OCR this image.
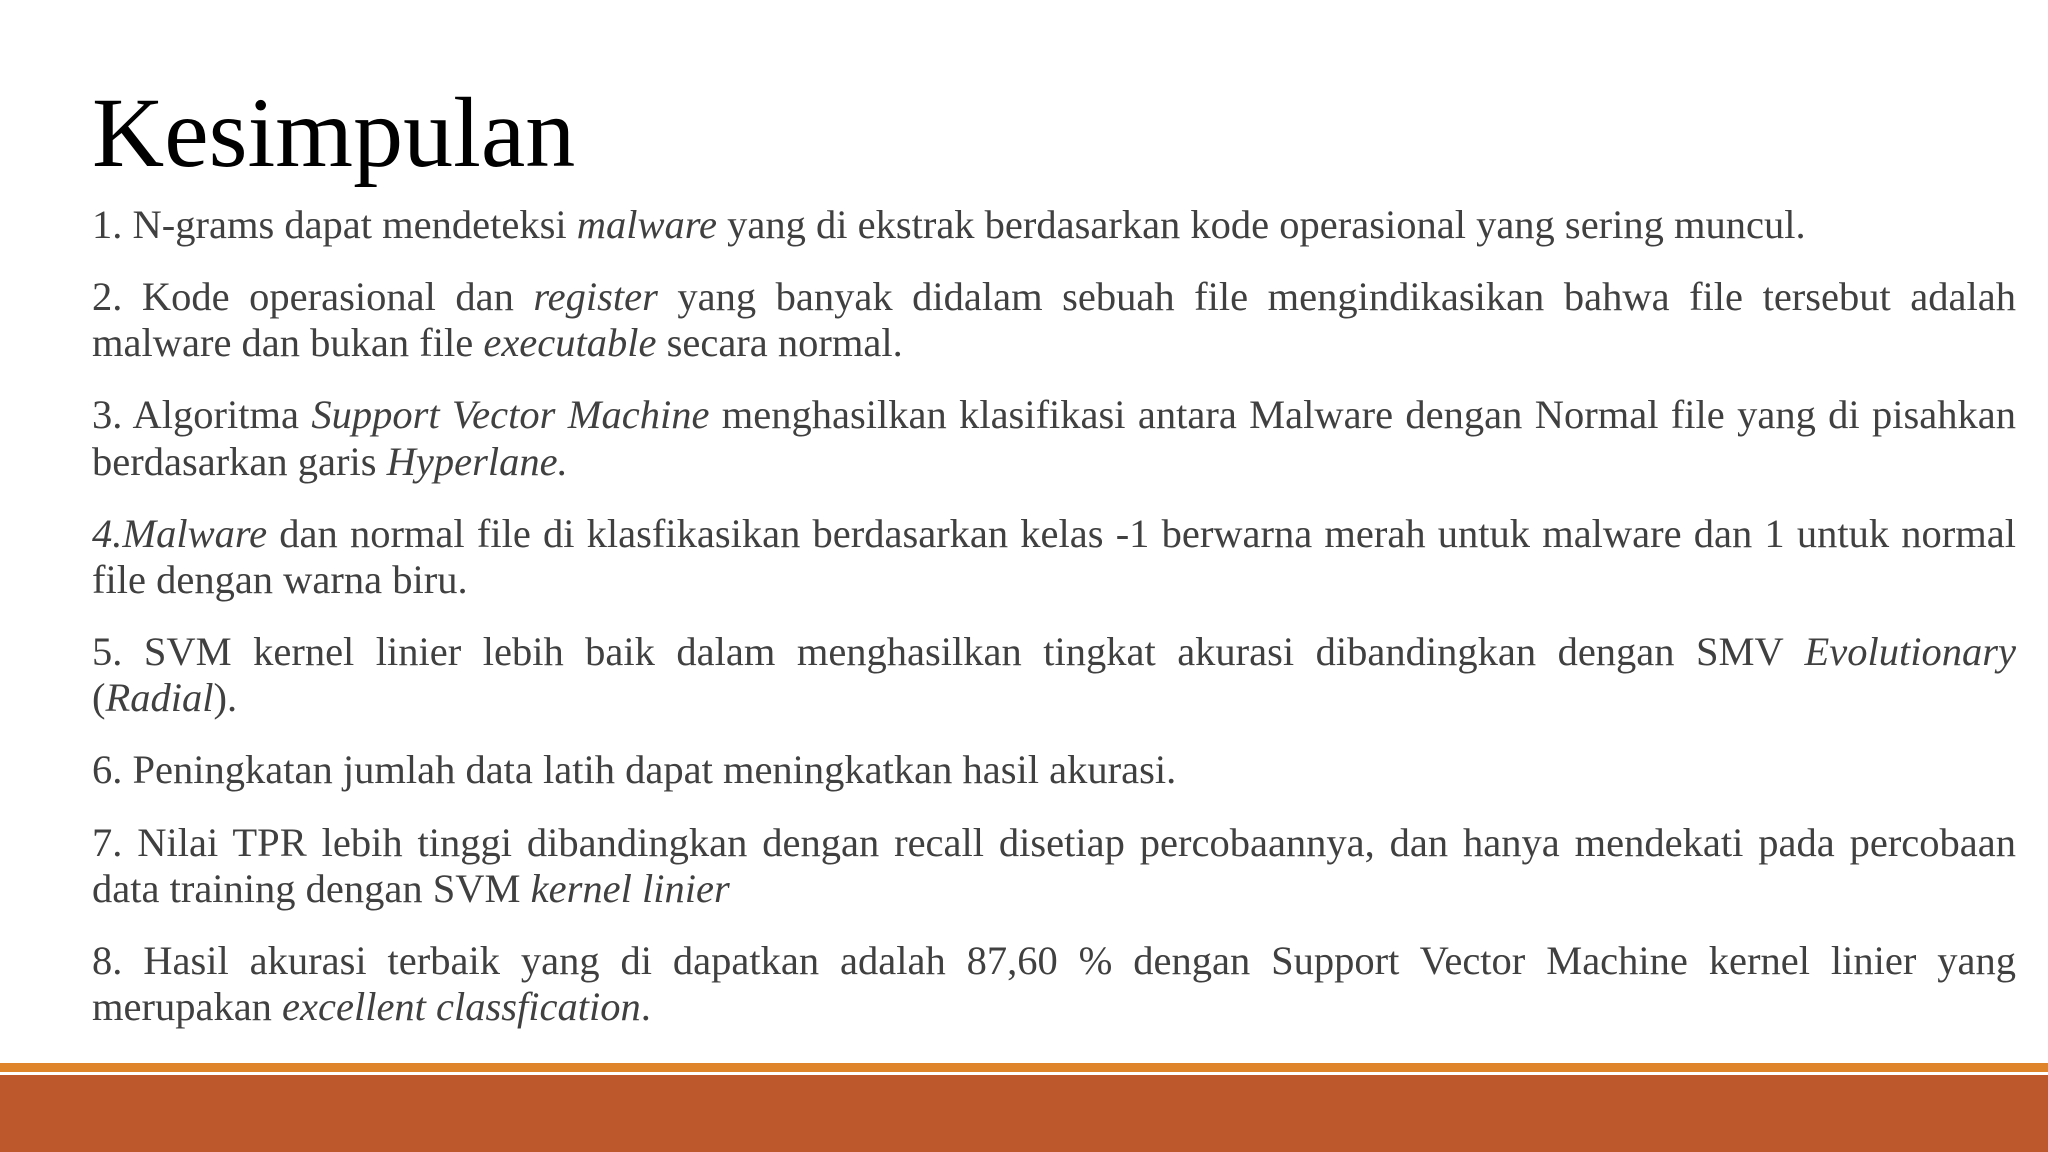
Kesimpulan

1. N-grams dapat mendeteksi malware yang di ekstrak berdasarkan kode operasional yang sering muncul.

2. Kode operasional dan register yang banyak didalam sebuah file mengindikasikan bahwa file tersebut adalah malware dan bukan file executable secara normal.

3. Algoritma Support Vector Machine menghasilkan klasifikasi antara Malware dengan Normal file yang di pisahkan berdasarkan garis Hyperlane.

4.Malware dan normal file di klasfikasikan berdasarkan kelas -1 berwarna merah untuk malware dan 1 untuk normal file dengan warna biru.

5. SVM kernel linier lebih baik dalam menghasilkan tingkat akurasi dibandingkan dengan SMV Evolutionary (Radial).

6. Peningkatan jumlah data latih dapat meningkatkan hasil akurasi.

7. Nilai TPR lebih tinggi dibandingkan dengan recall disetiap percobaannya, dan hanya mendekati pada percobaan data training dengan SVM kernel linier

8. Hasil akurasi terbaik yang di dapatkan adalah 87,60 % dengan Support Vector Machine kernel linier yang merupakan excellent classfication.
